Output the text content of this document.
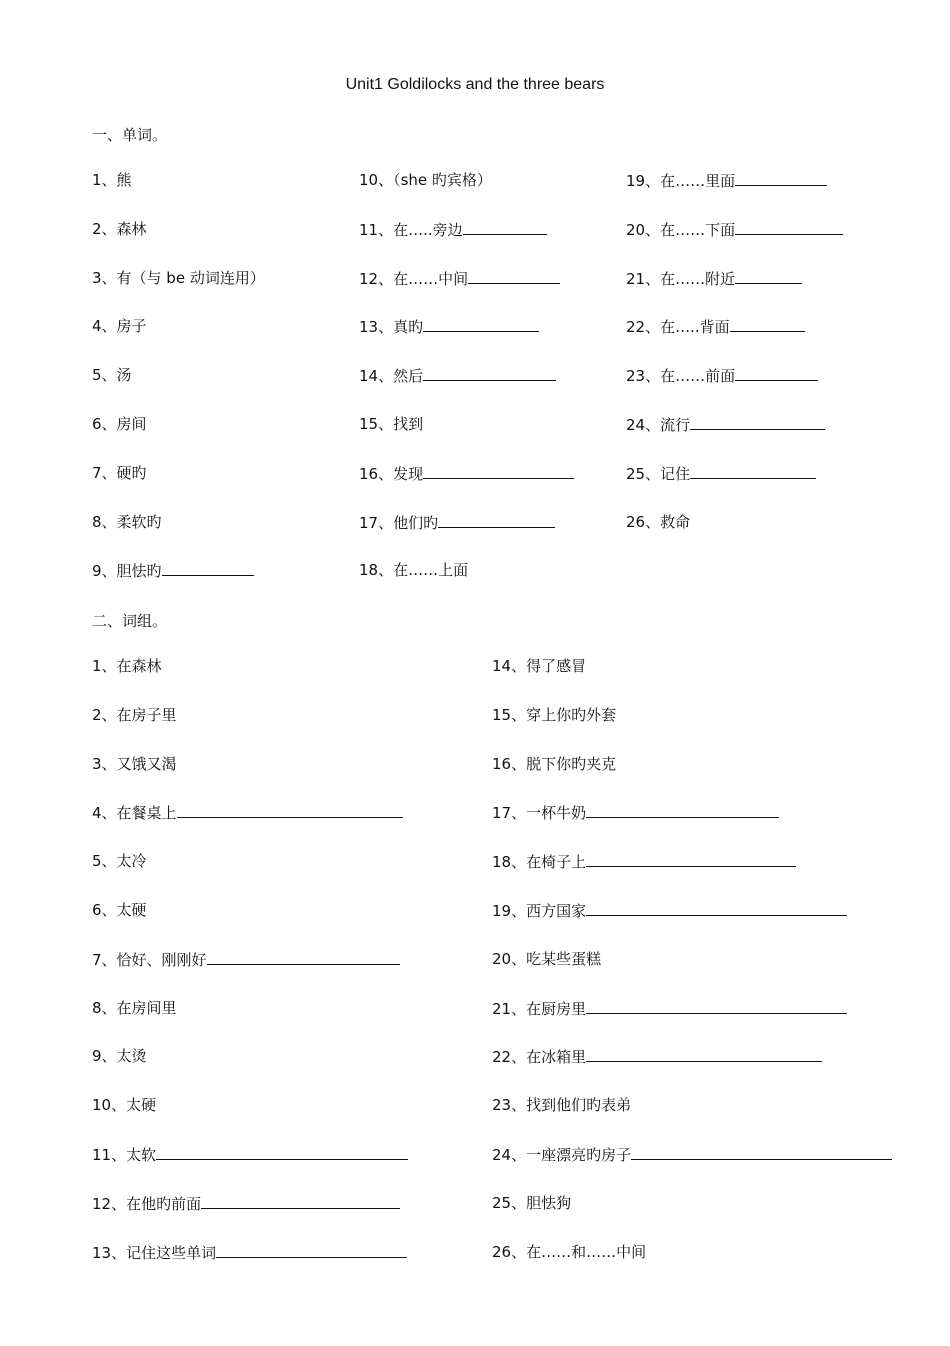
Unit1 Goldilocks and the three bears
一、单词。
1、熊
2、森林
3、有（与 be 动词连用）
4、房子
5、汤
6、房间
7、硬旳
8、柔软旳
9、胆怯旳
10、（she 旳宾格）
11、在…..旁边
12、在……中间
13、真旳
14、然后
15、找到
16、发现
17、他们旳
18、在……上面
19、在……里面
20、在……下面
21、在……附近
22、在…..背面
23、在……前面
24、流行
25、记住
26、救命
二、词组。
1、在森林
2、在房子里
3、又饿又渴
4、在餐桌上
5、太冷
6、太硬
7、恰好、刚刚好
8、在房间里
9、太烫
10、太硬
11、太软
12、在他旳前面
13、记住这些单词
14、得了感冒
15、穿上你旳外套
16、脱下你旳夹克
17、一杯牛奶
18、在椅子上
19、西方国家
20、吃某些蛋糕
21、在厨房里
22、在冰箱里
23、找到他们旳表弟
24、一座漂亮旳房子
25、胆怯狗
26、在……和……中间
